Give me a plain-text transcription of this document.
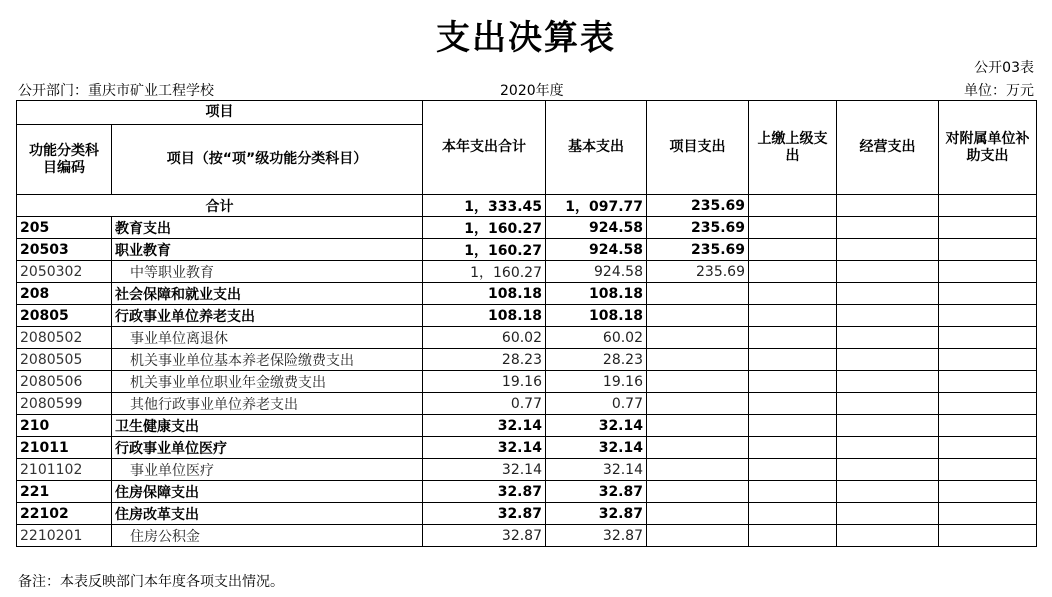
支出决算表
公开03表
公开部门：重庆市矿业工程学校	2020年度	单位：万元
项目		本年支出合计	基本支出	项目支出	上缴上级支出	经营支出	对附属单位补助支出
功能分类科目编码	项目（按“项”级功能分类科目）						
合计		1，333.45	1，097.77	235.69			
205	教育支出	1，160.27	924.58	235.69			
20503	职业教育	1，160.27	924.58	235.69			
2050302	中等职业教育	1，160.27	924.58	235.69			
208	社会保障和就业支出	108.18	108.18				
20805	行政事业单位养老支出	108.18	108.18				
2080502	事业单位离退休	60.02	60.02				
2080505	机关事业单位基本养老保险缴费支出	28.23	28.23				
2080506	机关事业单位职业年金缴费支出	19.16	19.16				
2080599	其他行政事业单位养老支出	0.77	0.77				
210	卫生健康支出	32.14	32.14				
21011	行政事业单位医疗	32.14	32.14				
2101102	事业单位医疗	32.14	32.14				
221	住房保障支出	32.87	32.87				
22102	住房改革支出	32.87	32.87				
2210201	住房公积金	32.87	32.87				
备注：本表反映部门本年度各项支出情况。
